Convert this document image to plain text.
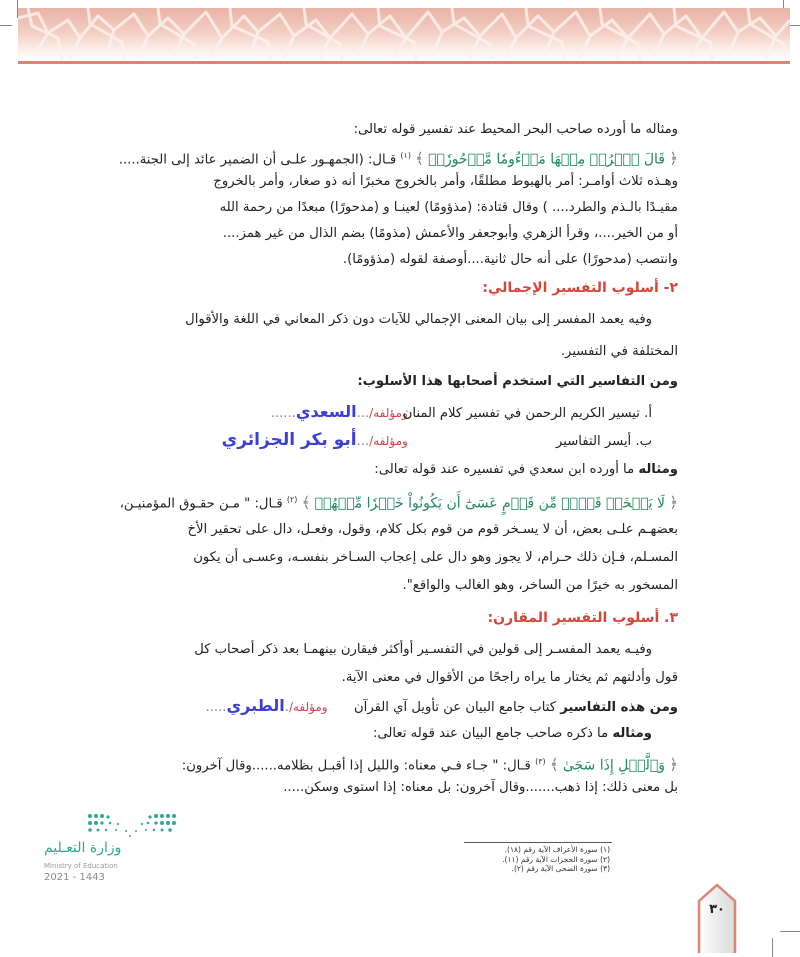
ومثاله ما أورده صاحب البحر المحيط عند تفسير قوله تعالى:
﴿ قَالَ ٱخۡرُجۡ مِنۡهَا مَذۡءُومٗا مَّدۡحُورٗاۖ ﴾ $^{(١)}$ قـال: (الجمهـور علـى أن الضمير عائد إلى الجنة.....
وهـذه ثلاث أوامـر: أمر بالهبوط مطلقًا، وأمر بالخروج مخبرًا أنه ذو صغار، وأمر بالخروج
مقيـدًا بالـذم والطرد.... ) وقال قتادة: (مذؤومًا) لعينـا و (مدحورًا) مبعدًا من رحمة الله
أو من الخير....، وقرأ الزهري وأبوجعفر والأعمش (مذومًا) بضم الذال من غير همز....
وانتصب (مدحورًا) على أنه حال ثانية....أوصفة لقوله (مذؤومًا).
٢- أسلوب التفسير الإجمالي:
وفيه يعمد المفسر إلى بيان المعنى الإجمالي للآيات دون ذكر المعاني في اللغة والأقوال
المختلفة في التفسير.
ومن التفاسير التي استخدم أصحابها هذا الأسلوب:
أ. تيسير الكريم الرحمن في تفسير كلام المنان ومؤلفه/...السعدي......
ب. أيسر التفاسير ومؤلفه/...أبو بكر الجزائري
ومثاله ما أورده ابن سعدي في تفسيره عند قوله تعالى:
﴿ لَا يَسۡخَرۡ قَوۡمٞ مِّن قَوۡمٍ عَسَىٰٓ أَن يَكُونُواْ خَيۡرٗا مِّنۡهُمۡ ﴾ $^{(٢)}$ قـال: " مـن حقـوق المؤمنيـن،
بعضهـم علـى بعض، أن لا يسـخر قوم من قوم بكل كلام، وقول، وفعـل، دال على تحقير الأخ
المسـلم، فـإن ذلك حـرام، لا يجوز وهو دال على إعجاب السـاخر بنفسـه، وعسـى أن يكون
المسخور به خيرًا من الساخر، وهو الغالب والواقع".
٣. أسلوب التفسير المقارن:
وفيـه يعمد المفسـر إلى قولين في التفسـير أوأكثر فيقارن بينهمـا بعد ذكر أصحاب كل
قول وأدلتهم ثم يختار ما يراه راجحًا من الأقوال في معنى الآية.
ومن هذه التفاسير كتاب جامع البيان عن تأويل آي القرآن  ومؤلفه/.الطبري.....
ومثاله ما ذكره صاحب جامع البيان عند قوله تعالى:
﴿ وَٱلَّيۡلِ إِذَا سَجَىٰ ﴾ $^{(٣)}$ قـال: " جـاء فـي معناه: والليل إذا أقبـل بظلامه......وقال آخرون:
بل معنى ذلك: إذا ذهب.......وقال آخرون: بل معناه: إذا استوى وسكن.....
(١) سورة الأعراف الآية رقم (١٨).
(٢) سورة الحجرات الآية رقم (١١).
(٣) سورة الضحى الآية رقم (٢).
وزارة التعـليم
Ministry of Education
2021 - 1443
٣٠
